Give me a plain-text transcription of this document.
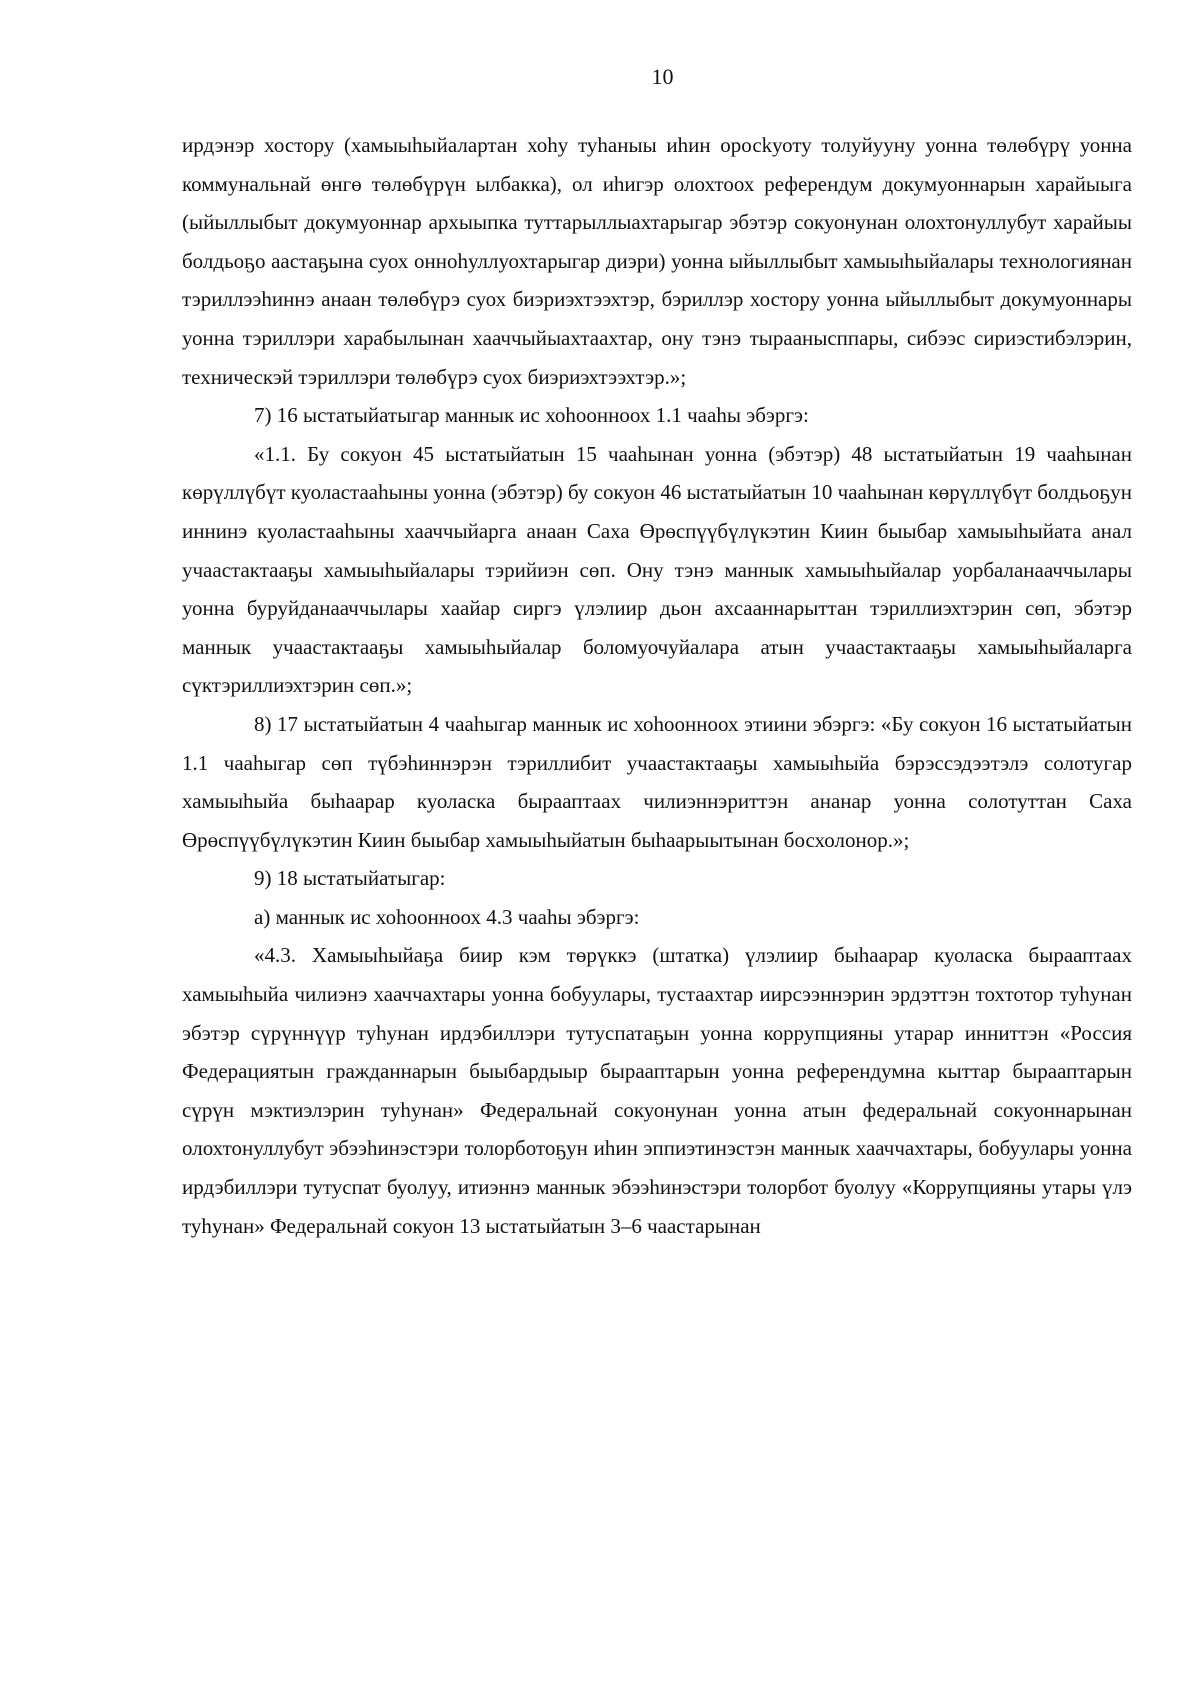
10

ирдэнэр хостору (хамыыhыйалартан хоhу туhаныы иhин оросkуоту толуйууну уонна төлөбүрү уонна коммунальнай өнгө төлөбүрүн ылбакка), ол иhигэр олохтоох референдум докумуоннарын харайыыга (ыйыллыбыт докумуоннар архыыпка туттарыллыахтарыгар эбэтэр сокуонунан олохтонуллубут харайыы болдьоҕо аастаҕына суох онноhуллуохтарыгар диэри) уонна ыйыллыбыт хамыыhыйалары технологиянан тэриллээhиннэ анаан төлөбүрэ суох биэриэхтээхтэр, бэриллэр хостору уонна ыйыллыбыт докумуоннары уонна тэриллэри харабылынан хааччыйыахтаахтар, ону тэнэ тыраанысппары, сибээс сириэстибэлэрин, техническэй тэриллэри төлөбүрэ суох биэриэхтээхтэр.»;

7) 16 ыстатыйатыгар маннык ис хоhоонноох 1.1 чааhы эбэргэ:

«1.1. Бу сокуон 45 ыстатыйатын 15 чааhынан уонна (эбэтэр) 48 ыстатыйатын 19 чааhынан көрүллүбүт куоластааhыны уонна (эбэтэр) бу сокуон 46 ыстатыйатын 10 чааhынан көрүллүбүт болдьоҕун иннинэ куоластааhыны хааччыйарга анаан Саха Өрөспүүбүлүкэтин Киин быыбар хамыыhыйата анал учаастактааҕы хамыыhыйалары тэрийиэн сөп. Ону тэнэ маннык хамыыhыйалар уорбаланааччылары уонна буруйданааччылары хаайар сиргэ үлэлиир дьон ахсааннарыттан тэриллиэхтэрин сөп, эбэтэр маннык учаастактааҕы хамыыhыйалар боломуочуйалара атын учаастактааҕы хамыыhыйаларга сүктэриллиэхтэрин сөп.»;

8) 17 ыстатыйатын 4 чааhыгар маннык ис хоhоонноох этиини эбэргэ: «Бу сокуон 16 ыстатыйатын 1.1 чааhыгар сөп түбэhиннэрэн тэриллибит учаастактааҕы хамыыhыйа бэрэссэдээтэлэ солотугар хамыыhыйа быhаарар куоласка бырааптаах чилиэннэриттэн ананар уонна солотуттан Саха Өрөспүүбүлүкэтин Киин быыбар хамыыhыйатын быhаарыытынан босхолонор.»;

9) 18 ыстатыйатыгар:

а) маннык ис хоhоонноох 4.3 чааhы эбэргэ:

«4.3. Хамыыhыйаҕа биир кэм төрүккэ (штатка) үлэлиир быhаарар куоласка бырааптаах хамыыhыйа чилиэнэ хааччахтары уонна бобуулары, тустаахтар иирсээннэрин эрдэттэн тохтотор туhунан эбэтэр сүрүннүүр туhунан ирдэбиллэри тутуспатаҕын уонна коррупцияны утарар инниттэн «Россия Федерациятын гражданнарын быыбардыыр бырааптарын уонна референдумна кыттар бырааптарын сүрүн мэктиэлэрин туhунан» Федеральнай сокуонунан уонна атын федеральнай сокуоннарынан олохтонуллубут эбээhинэстэри толорботоҕун иhин эппиэтинэстэн маннык хааччахтары, бобуулары уонна ирдэбиллэри тутуспат буолуу, итиэннэ маннык эбээhинэстэри толорбот буолуу «Коррупцияны утары үлэ туhунан» Федеральнай сокуон 13 ыстатыйатын 3–6 чаастарынан
